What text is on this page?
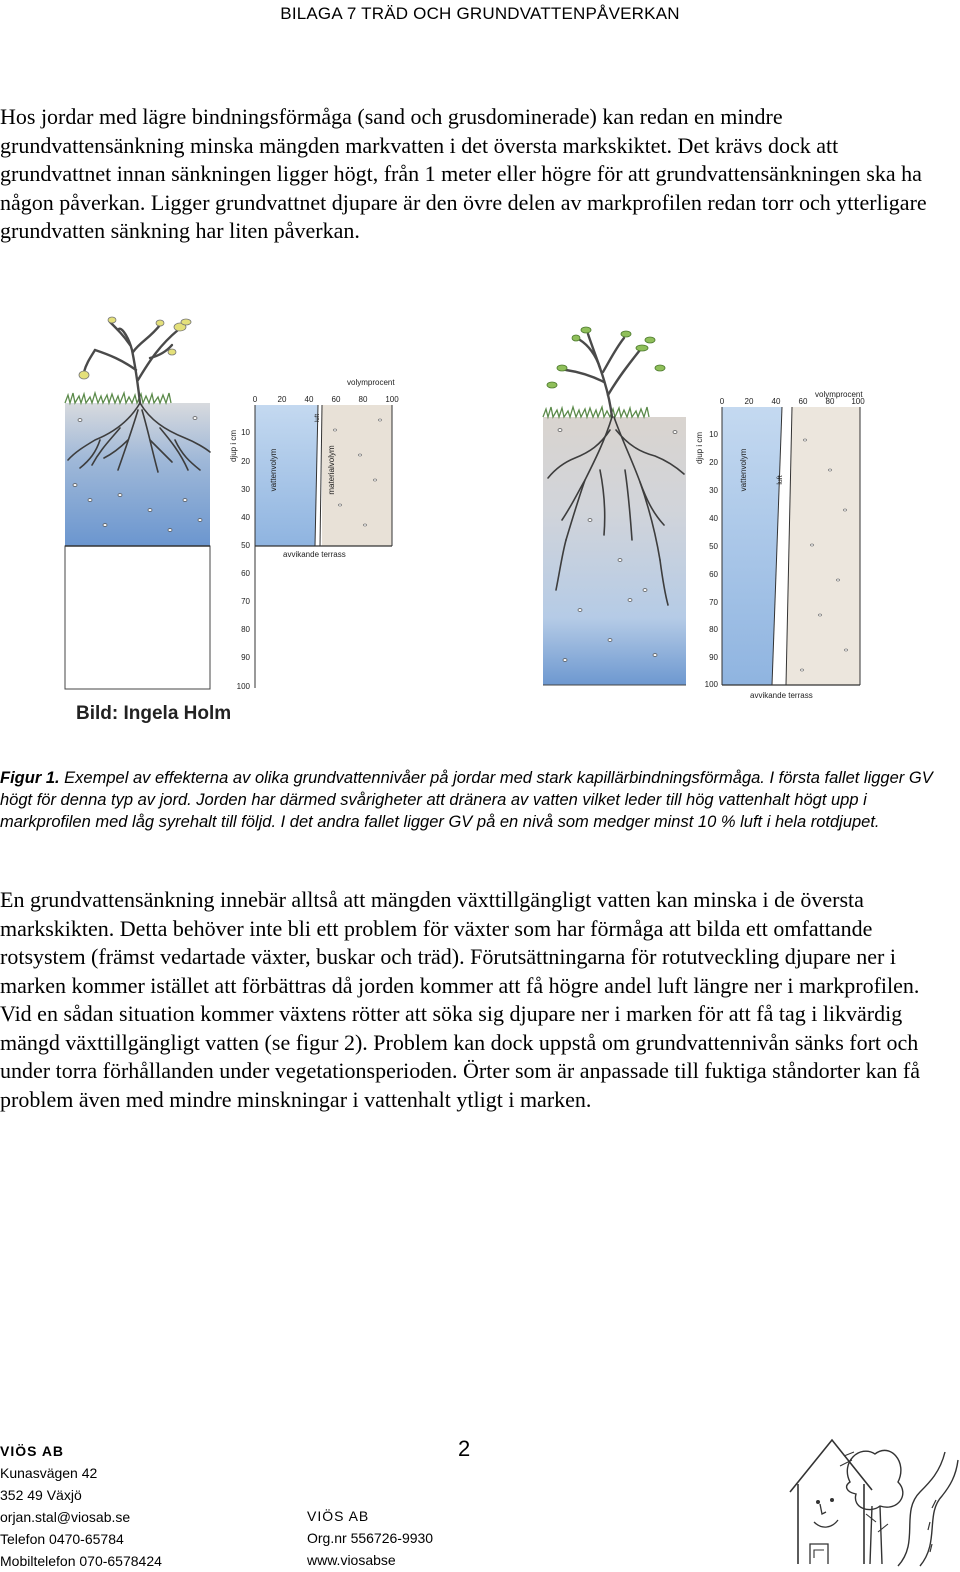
BILAGA 7 TRÄD OCH GRUNDVATTENPÅVERKAN
Hos jordar med lägre bindningsförmåga (sand och grusdominerade) kan redan en mindre grundvattensänkning minska mängden markvatten i det översta markskiktet. Det krävs dock att grundvattnet innan sänkningen ligger högt, från 1 meter eller högre för att grundvattensänkningen ska ha någon påverkan. Ligger grundvattnet djupare är den övre delen av markprofilen redan torr och ytterligare grundvatten sänkning har liten påverkan.
volymprocent
0	20 40 60 80 100
10
20
30
40
50
60
70
80
90
100
djup i cm
vattenvolym
luft
materialvolym
avvikande terrass
volymprocent
0	20 40 60 80 100
10
20
30
40
50
60
70
80
90
100
djup i cm
vattenvolym	luft
avvikande terrass
Bild: Ingela Holm
Figur 1. Exempel av effekterna av olika grundvattennivåer på jordar med stark kapillärbindningsförmåga. I första fallet ligger GV högt för denna typ av jord. Jorden har därmed svårigheter att dränera av vatten vilket leder till hög vattenhalt högt upp i markprofilen med låg syrehalt till följd. I det andra fallet ligger GV på en nivå som medger minst 10 % luft i hela rotdjupet.
En grundvattensänkning innebär alltså att mängden växttillgängligt vatten kan minska i de översta markskikten. Detta behöver inte bli ett problem för växter som har förmåga att bilda ett omfattande rotsystem (främst vedartade växter, buskar och träd). Förutsättningarna för rotutveckling djupare ner i marken kommer istället att förbättras då jorden kommer att få högre andel luft längre ner i markprofilen. Vid en sådan situation kommer växtens rötter att söka sig djupare ner i marken för att få tag i likvärdig mängd växttillgängligt vatten (se figur 2). Problem kan dock uppstå om grundvattennivån sänks fort och under torra förhållanden under vegetationsperioden. Örter som är anpassade till fuktiga ståndorter kan få problem även med mindre minskningar i vattenhalt ytligt i marken.
VIÖS AB
Kunasvägen 42
352 49 Växjö
orjan.stal@viosab.se
Telefon 0470-65784
Mobiltelefon 070-6578424
2
VIÖS AB
Org.nr 556726-9930
www.viosabse
